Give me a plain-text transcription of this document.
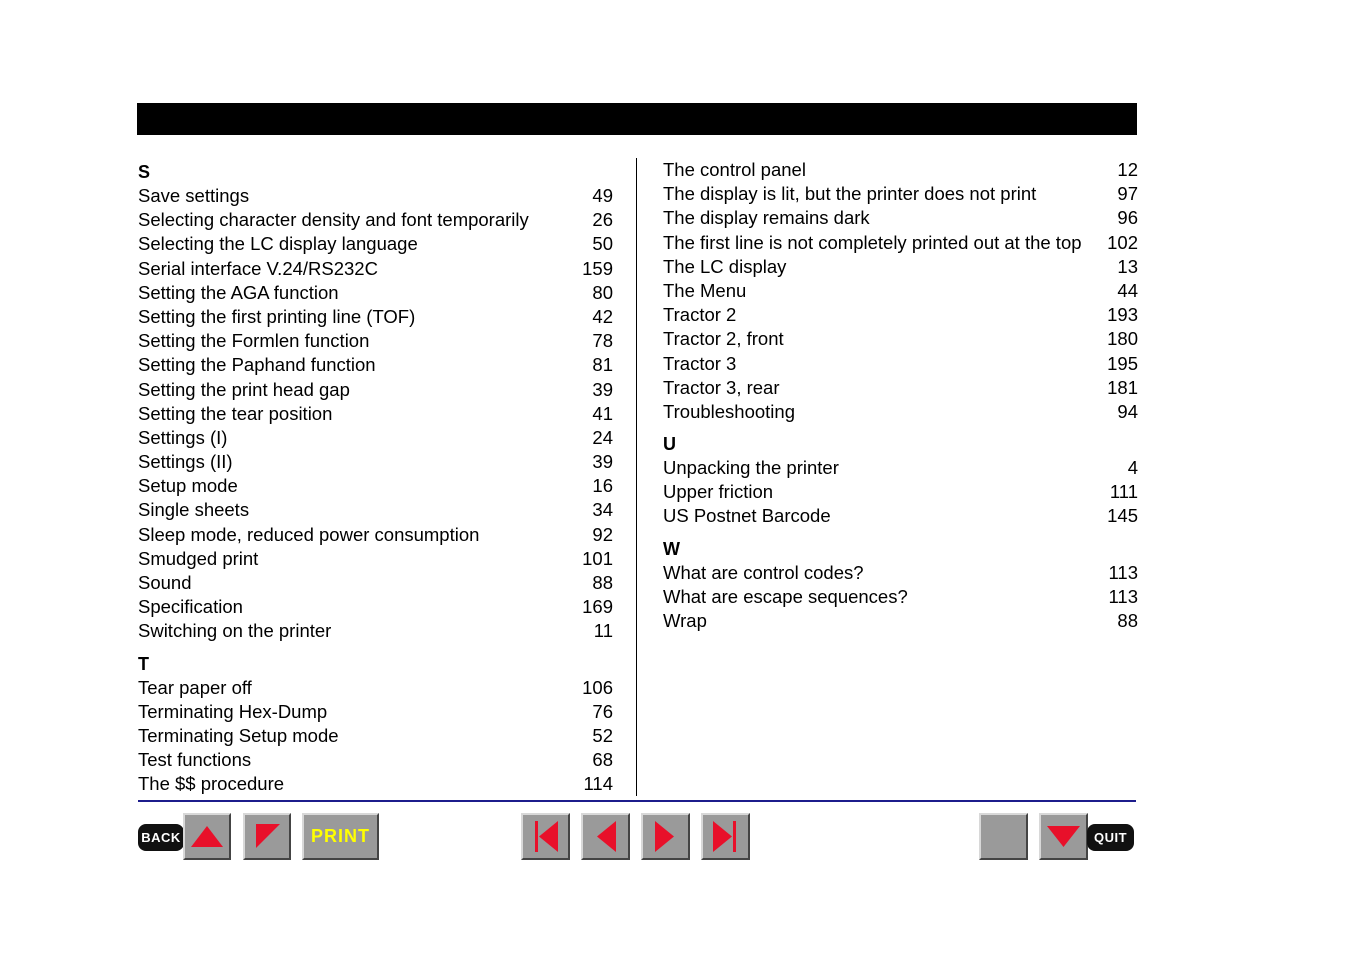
S
Save settings	49
Selecting character density and font temporarily	26
Selecting the LC display language	50
Serial interface V.24/RS232C	159
Setting the AGA function	80
Setting the first printing line (TOF)	42
Setting the Formlen function	78
Setting the Paphand function	81
Setting the print head gap	39
Setting the tear position	41
Settings (I)	24
Settings (II)	39
Setup mode	16
Single sheets	34
Sleep mode, reduced power consumption	92
Smudged print	101
Sound	88
Specification	169
Switching on the printer	11
T
Tear paper off	106
Terminating Hex-Dump	76
Terminating Setup mode	52
Test functions	68
The $$ procedure	114
The control panel	12
The display is lit, but the printer does not print	97
The display remains dark	96
The first line is not completely printed out at the top 102
The LC display	13
The Menu	44
Tractor 2	193
Tractor 2, front	180
Tractor 3	195
Tractor 3, rear	181
Troubleshooting	94
U
Unpacking the printer	4
Upper friction	111
US Postnet Barcode	145
W
What are control codes?	113
What are escape sequences?	113
Wrap	88
BACK	PRINT	QUIT
